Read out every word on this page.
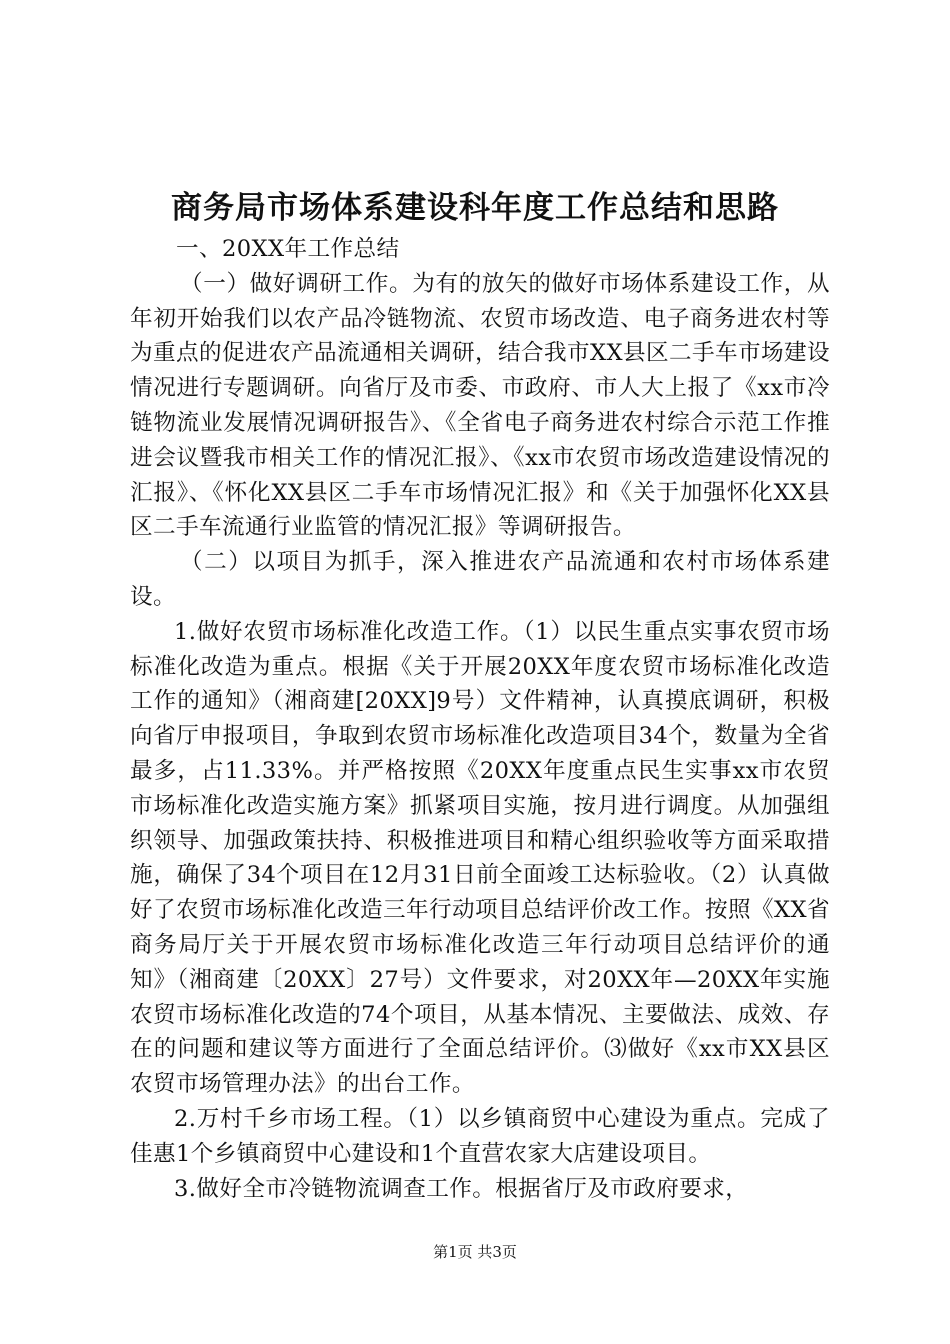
商务局市场体系建设科年度工作总结和思路

一、20XX年工作总结

（一）做好调研工作。为有的放矢的做好市场体系建设工作，从年初开始我们以农产品冷链物流、农贸市场改造、电子商务进农村等为重点的促进农产品流通相关调研，结合我市XX县区二手车市场建设情况进行专题调研。向省厅及市委、市政府、市人大上报了《xx市冷链物流业发展情况调研报告》、《全省电子商务进农村综合示范工作推进会议暨我市相关工作的情况汇报》、《xx市农贸市场改造建设情况的汇报》、《怀化XX县区二手车市场情况汇报》和《关于加强怀化XX县区二手车流通行业监管的情况汇报》等调研报告。

（二）以项目为抓手，深入推进农产品流通和农村市场体系建设。

1.做好农贸市场标准化改造工作。（1）以民生重点实事农贸市场标准化改造为重点。根据《关于开展20XX年度农贸市场标准化改造工作的通知》（湘商建[20XX]9号）文件精神，认真摸底调研，积极向省厅申报项目，争取到农贸市场标准化改造项目34个，数量为全省最多，占11.33%。并严格按照《20XX年度重点民生实事xx市农贸市场标准化改造实施方案》抓紧项目实施，按月进行调度。从加强组织领导、加强政策扶持、积极推进项目和精心组织验收等方面采取措施，确保了34个项目在12月31日前全面竣工达标验收。（2）认真做好了农贸市场标准化改造三年行动项目总结评价改工作。按照《XX省商务局厅关于开展农贸市场标准化改造三年行动项目总结评价的通知》（湘商建〔20XX〕27号）文件要求，对20XX年—20XX年实施农贸市场标准化改造的74个项目，从基本情况、主要做法、成效、存在的问题和建议等方面进行了全面总结评价。⑶做好《xx市XX县区农贸市场管理办法》的出台工作。

2.万村千乡市场工程。（1）以乡镇商贸中心建设为重点。完成了佳惠1个乡镇商贸中心建设和1个直营农家大店建设项目。

3.做好全市冷链物流调查工作。根据省厅及市政府要求，

第1页 共3页
